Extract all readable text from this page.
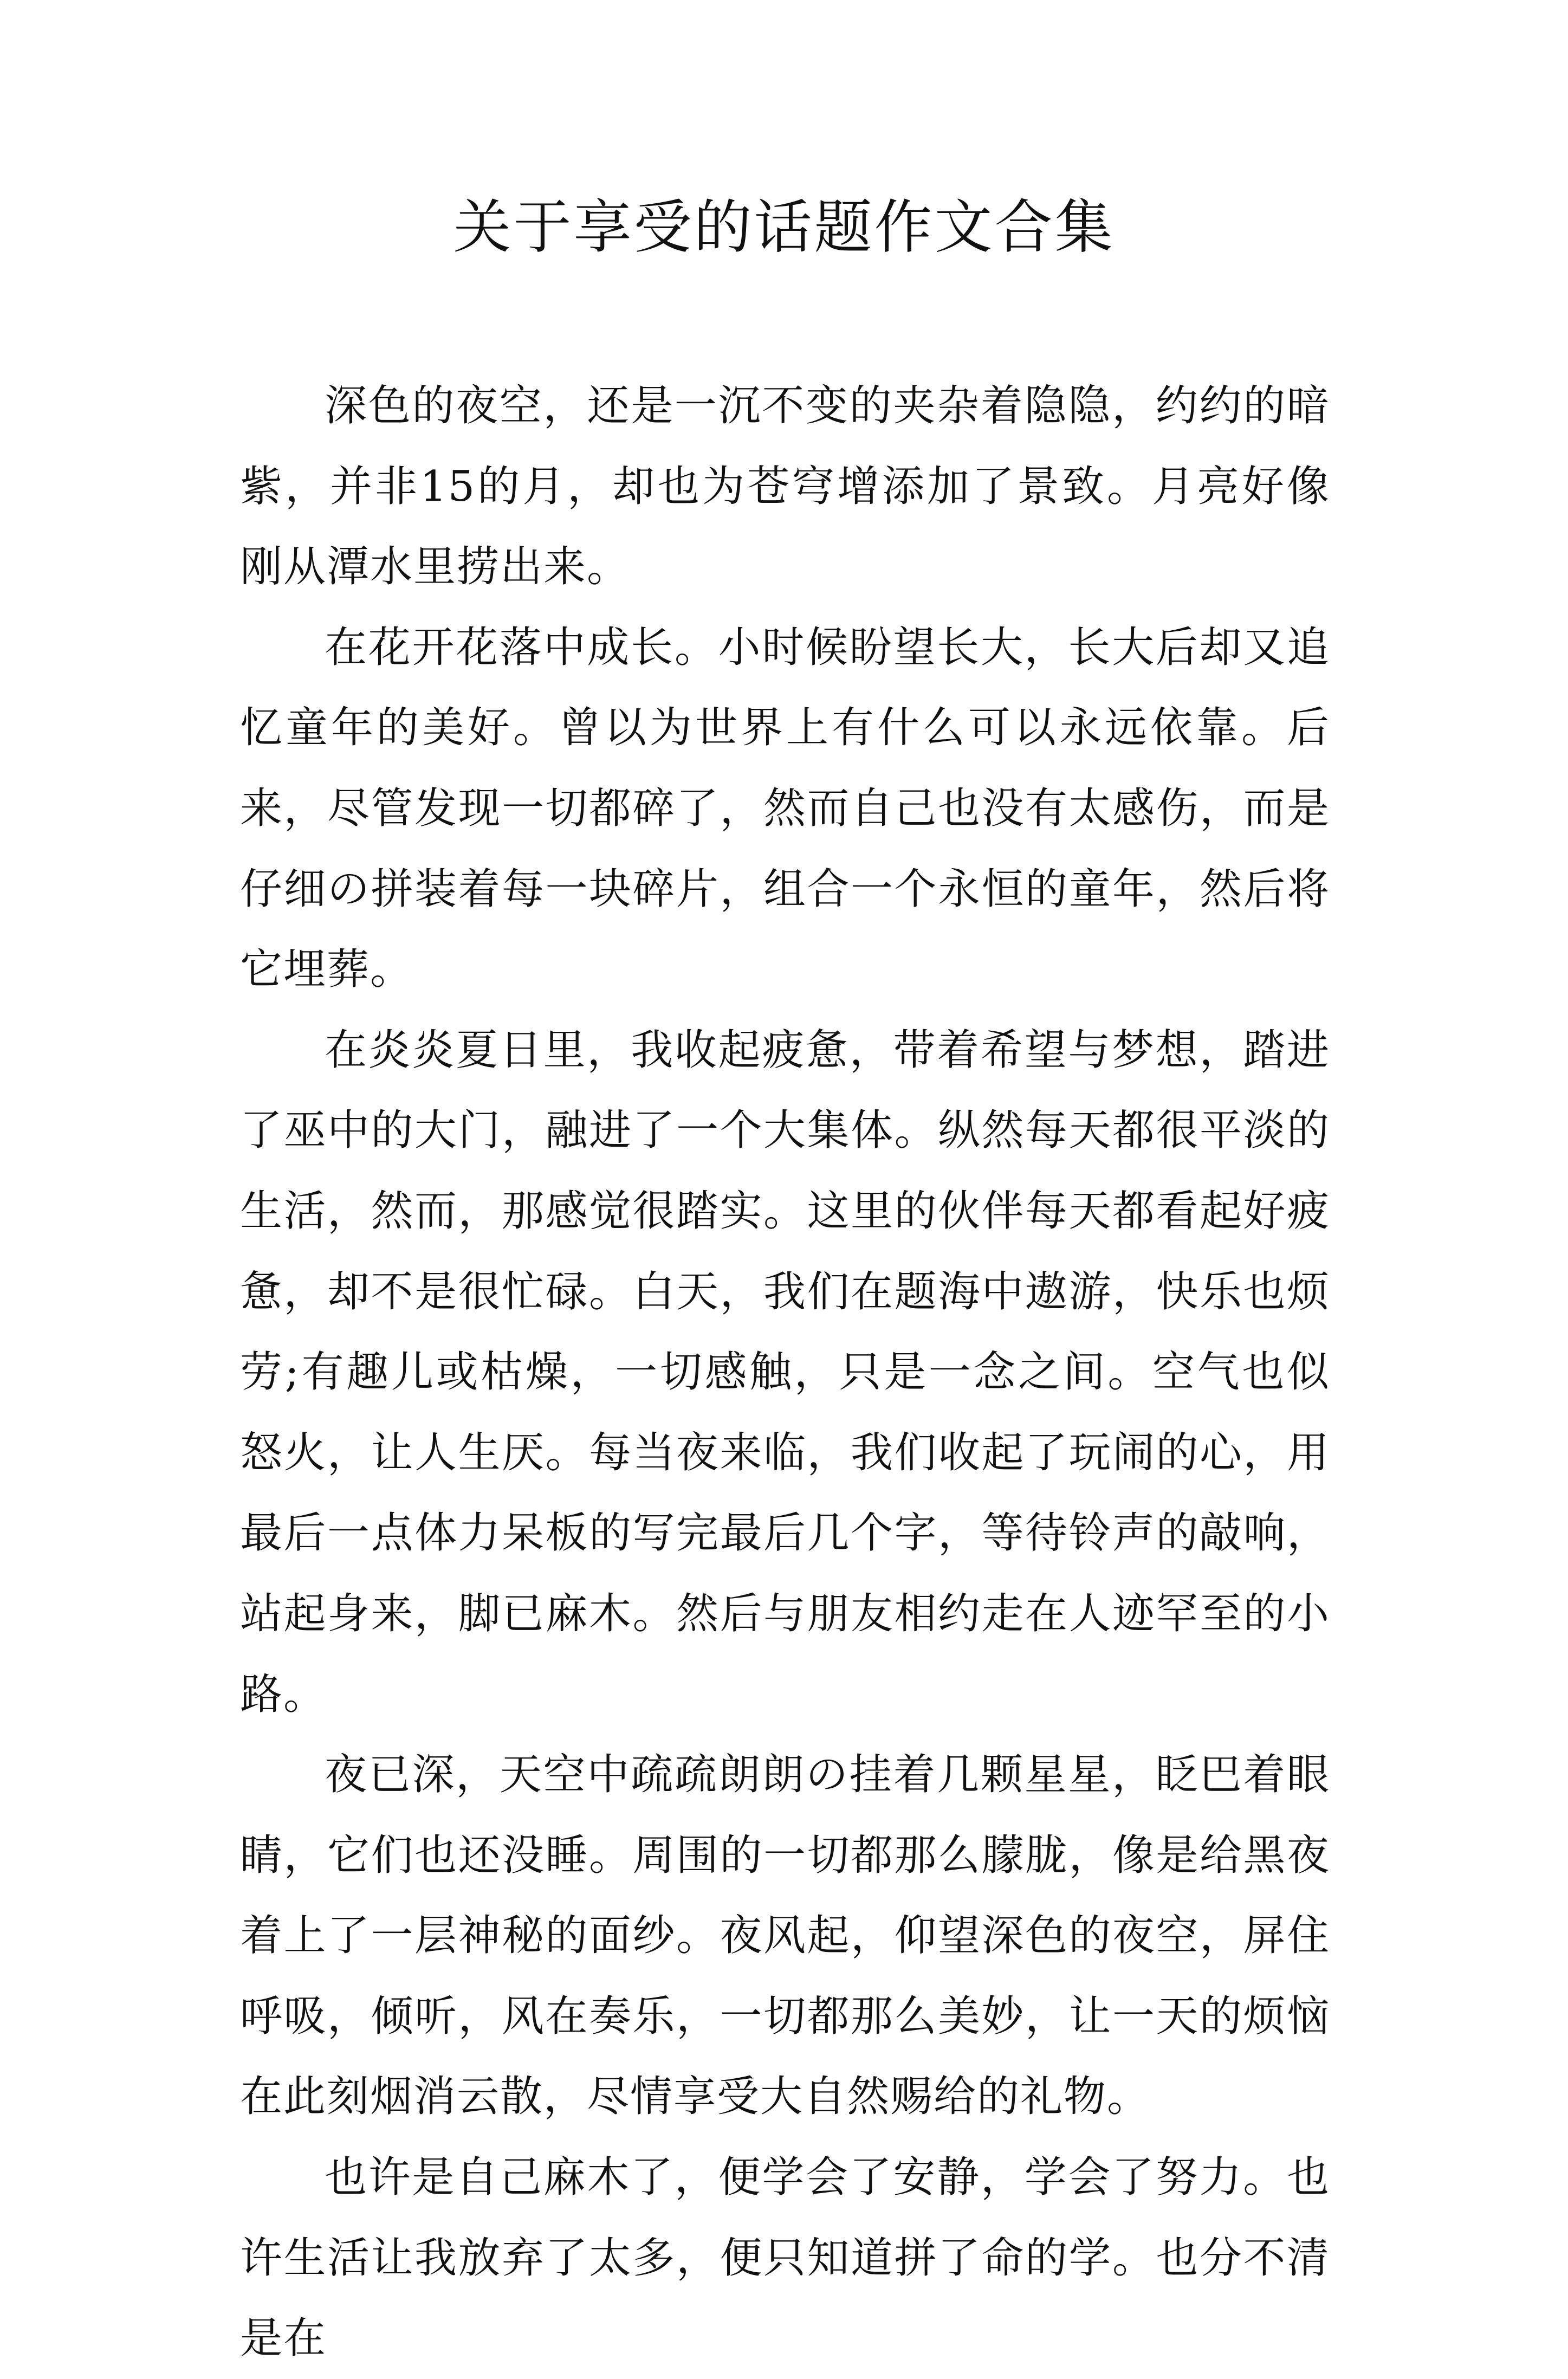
关于享受的话题作文合集

深色的夜空，还是一沉不变的夹杂着隐隐，约约的暗紫，并非15的月，却也为苍穹增添加了景致。月亮好像刚从潭水里捞出来。

在花开花落中成长。小时候盼望长大，长大后却又追忆童年的美好。曾以为世界上有什么可以永远依靠。后来，尽管发现一切都碎了，然而自己也没有太感伤，而是仔细の拼装着每一块碎片，组合一个永恒的童年，然后将它埋葬。

在炎炎夏日里，我收起疲惫，带着希望与梦想，踏进了巫中的大门，融进了一个大集体。纵然每天都很平淡的生活，然而，那感觉很踏实。这里的伙伴每天都看起好疲惫，却不是很忙碌。白天，我们在题海中遨游，快乐也烦劳;有趣儿或枯燥，一切感触，只是一念之间。空气也似怒火，让人生厌。每当夜来临，我们收起了玩闹的心，用最后一点体力呆板的写完最后几个字，等待铃声的敲响，站起身来，脚已麻木。然后与朋友相约走在人迹罕至的小路。

夜已深，天空中疏疏朗朗の挂着几颗星星，眨巴着眼睛，它们也还没睡。周围的一切都那么朦胧，像是给黑夜着上了一层神秘的面纱。夜风起，仰望深色的夜空，屏住呼吸，倾听，风在奏乐，一切都那么美妙，让一天的烦恼在此刻烟消云散，尽情享受大自然赐给的礼物。

也许是自己麻木了，便学会了安静，学会了努力。也许生活让我放弃了太多，便只知道拼了命的学。也分不清是在
